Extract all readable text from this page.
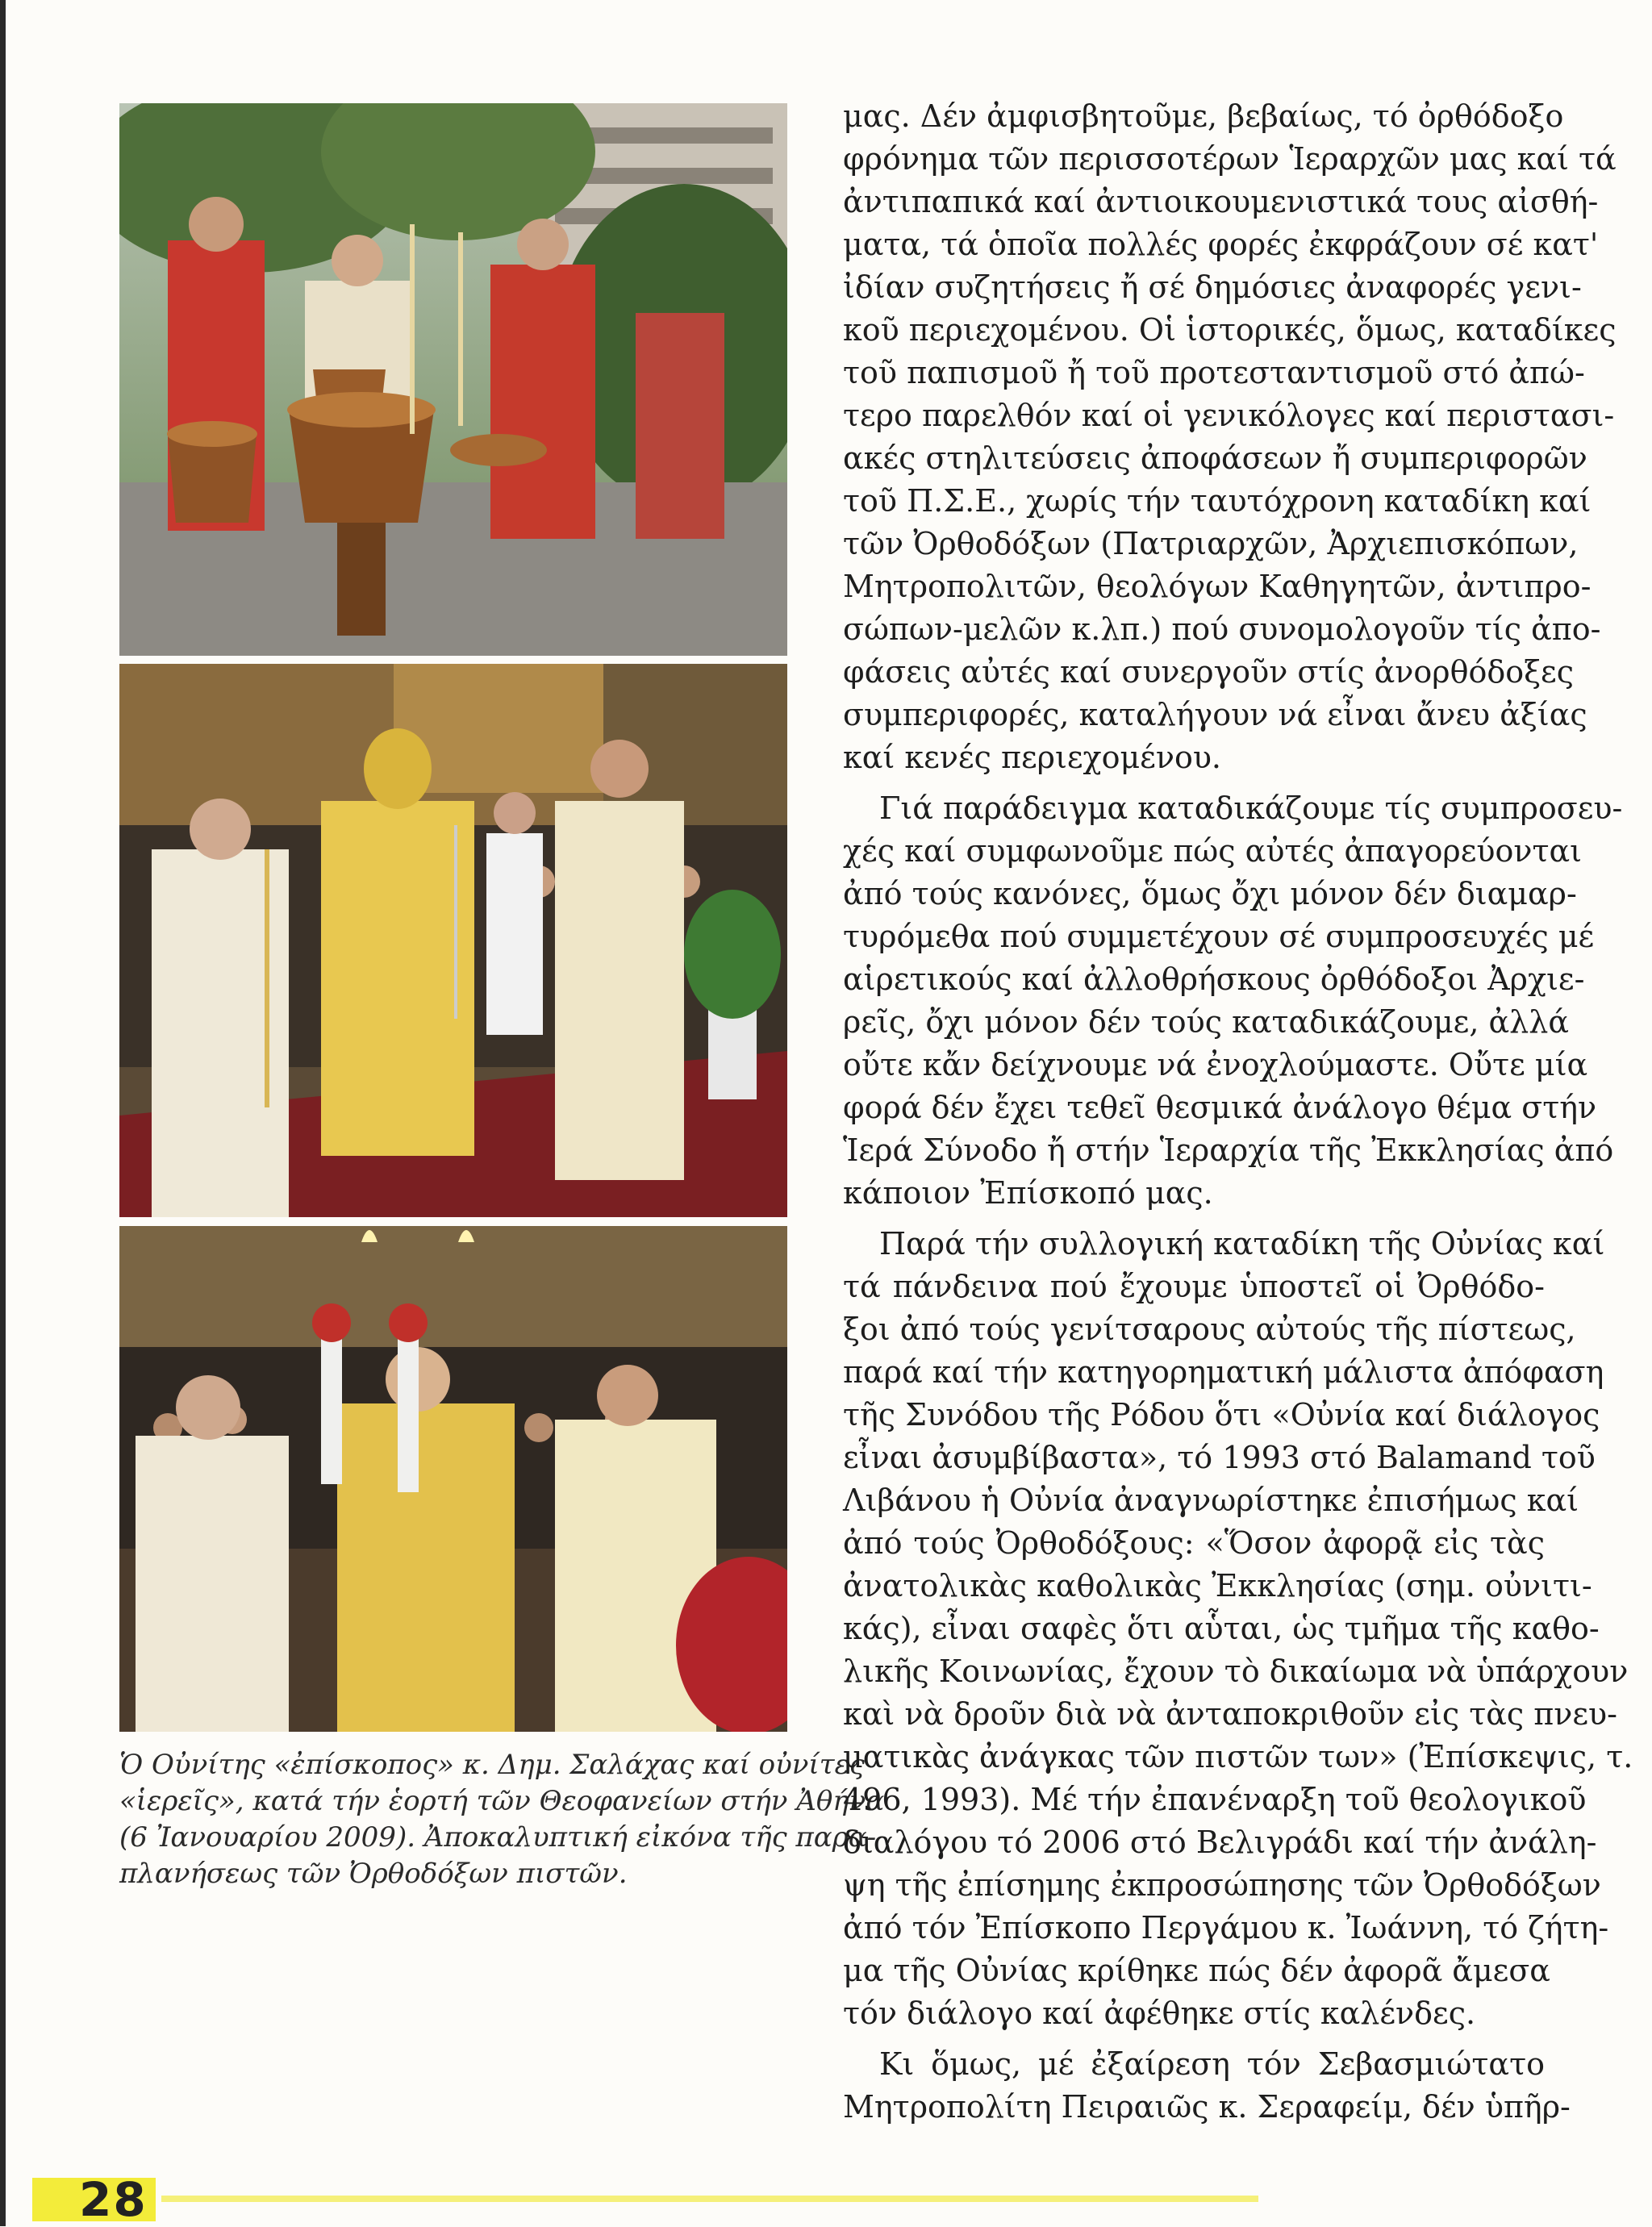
Ὁ Οὐνίτης «ἐπίσκοπος» κ. Δημ. Σαλάχας καί οὐνίτες
«ἱερεῖς», κατά τήν ἑορτή τῶν Θεοφανείων στήν Ἀθήνα
(6 Ἰανουαρίου 2009). Ἀποκαλυπτική εἰκόνα τῆς παρα-
πλανήσεως τῶν Ὀρθοδόξων πιστῶν.
μας. Δέν ἀμφισβητοῦμε, βεβαίως, τό ὀρθόδοξο
φρόνημα τῶν περισσοτέρων Ἱεραρχῶν μας καί τά
ἀντιπαπικά καί ἀντιοικουμενιστικά τους αἰσθή-
ματα, τά ὁποῖα πολλές φορές ἐκφράζουν σέ κατ'
ἰδίαν συζητήσεις ἤ σέ δημόσιες ἀναφορές γενι-
κοῦ περιεχομένου. Οἱ ἱστορικές, ὅμως, καταδίκες
τοῦ παπισμοῦ ἤ τοῦ προτεσταντισμοῦ στό ἀπώ-
τερο παρελθόν καί οἱ γενικόλογες καί περιστασι-
ακές στηλιτεύσεις ἀποφάσεων ἤ συμπεριφορῶν
τοῦ Π.Σ.Ε., χωρίς τήν ταυτόχρονη καταδίκη καί
τῶν Ὀρθοδόξων (Πατριαρχῶν, Ἀρχιεπισκόπων,
Μητροπολιτῶν, θεολόγων Καθηγητῶν, ἀντιπρο-
σώπων-μελῶν κ.λπ.) πού συνομολογοῦν τίς ἀπο-
φάσεις αὐτές καί συνεργοῦν στίς ἀνορθόδοξες
συμπεριφορές, καταλήγουν νά εἶναι ἄνευ ἀξίας
καί κενές περιεχομένου.
Γιά παράδειγμα καταδικάζουμε τίς συμπροσευ-
χές καί συμφωνοῦμε πώς αὐτές ἀπαγορεύονται
ἀπό τούς κανόνες, ὅμως ὄχι μόνον δέν διαμαρ-
τυρόμεθα πού συμμετέχουν σέ συμπροσευχές μέ
αἱρετικούς καί ἀλλοθρήσκους ὀρθόδοξοι Ἀρχιε-
ρεῖς, ὄχι μόνον δέν τούς καταδικάζουμε, ἀλλά
οὔτε κἄν δείχνουμε νά ἐνοχλούμαστε. Οὔτε μία
φορά δέν ἔχει τεθεῖ θεσμικά ἀνάλογο θέμα στήν
Ἱερά Σύνοδο ἤ στήν Ἱεραρχία τῆς Ἐκκλησίας ἀπό
κάποιον Ἐπίσκοπό μας.
Παρά τήν συλλογική καταδίκη τῆς Οὐνίας καί
τά πάνδεινα πού ἔχουμε ὑποστεῖ οἱ Ὀρθόδο-
ξοι ἀπό τούς γενίτσαρους αὐτούς τῆς πίστεως,
παρά καί τήν κατηγορηματική μάλιστα ἀπόφαση
τῆς Συνόδου τῆς Ρόδου ὅτι «Οὐνία καί διάλογος
εἶναι ἀσυμβίβαστα», τό 1993 στό Balamand τοῦ
Λιβάνου ἡ Οὐνία ἀναγνωρίστηκε ἐπισήμως καί
ἀπό τούς Ὀρθοδόξους: «Ὅσον ἀφορᾷ εἰς τὰς
ἀνατολικὰς καθολικὰς Ἐκκλησίας (σημ. οὐνιτι-
κάς), εἶναι σαφὲς ὅτι αὗται, ὡς τμῆμα τῆς καθο-
λικῆς Κοινωνίας, ἔχουν τὸ δικαίωμα νὰ ὑπάρχουν
καὶ νὰ δροῦν διὰ νὰ ἀνταποκριθοῦν εἰς τὰς πνευ-
ματικὰς ἀνάγκας τῶν πιστῶν των» (Ἐπίσκεψις, τ.
496, 1993). Μέ τήν ἐπανέναρξη τοῦ θεολογικοῦ
διαλόγου τό 2006 στό Βελιγράδι καί τήν ἀνάλη-
ψη τῆς ἐπίσημης ἐκπροσώπησης τῶν Ὀρθοδόξων
ἀπό τόν Ἐπίσκοπο Περγάμου κ. Ἰωάννη, τό ζήτη-
μα τῆς Οὐνίας κρίθηκε πώς δέν ἀφορᾶ ἄμεσα
τόν διάλογο καί ἀφέθηκε στίς καλένδες.
Κι ὅμως, μέ ἐξαίρεση τόν Σεβασμιώτατο
Μητροπολίτη Πειραιῶς κ. Σεραφείμ, δέν ὑπῆρ-
28
